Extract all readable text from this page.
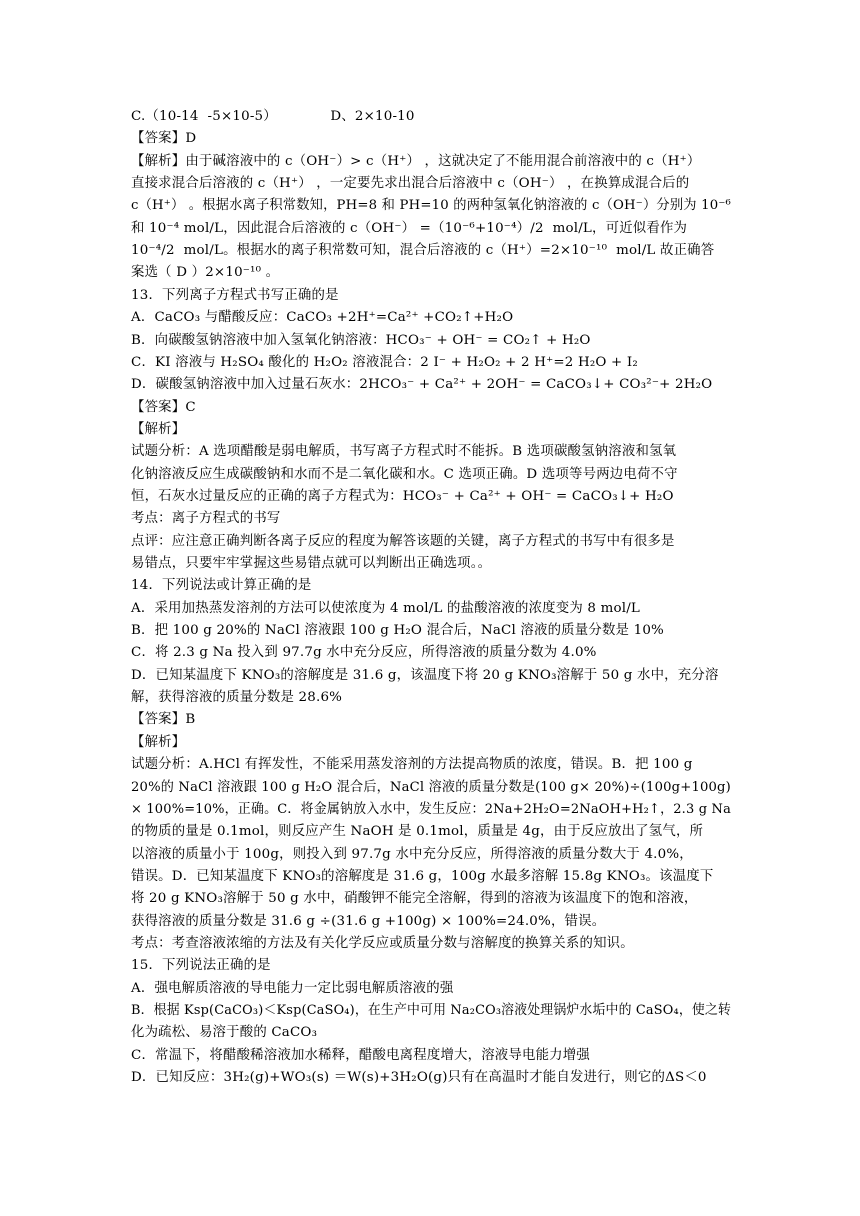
C.（10-14  -5×10-5）            D、2×10-10
【答案】D
【解析】由于碱溶液中的 c（OH⁻）> c（H⁺） ，这就决定了不能用混合前溶液中的 c（H⁺）
直接求混合后溶液的 c（H⁺） ，一定要先求出混合后溶液中 c（OH⁻） ，在换算成混合后的
c（H⁺） 。根据水离子积常数知，PH=8 和 PH=10 的两种氢氧化钠溶液的 c（OH⁻）分别为 10⁻⁶
和 10⁻⁴ mol/L，因此混合后溶液的 c（OH⁻） =（10⁻⁶+10⁻⁴）/2  mol/L，可近似看作为
10⁻⁴/2  mol/L。根据水的离子积常数可知，混合后溶液的 c（H⁺）=2×10⁻¹⁰  mol/L 故正确答
案选（ D ）2×10⁻¹⁰ 。
13．下列离子方程式书写正确的是
A．CaCO₃ 与醋酸反应：CaCO₃ +2H⁺=Ca²⁺ +CO₂↑+H₂O
B．向碳酸氢钠溶液中加入氢氧化钠溶液：HCO₃⁻ + OH⁻ = CO₂↑ + H₂O
C．KI 溶液与 H₂SO₄ 酸化的 H₂O₂ 溶液混合：2 I⁻ + H₂O₂ + 2 H⁺=2 H₂O + I₂
D．碳酸氢钠溶液中加入过量石灰水：2HCO₃⁻ + Ca²⁺ + 2OH⁻ = CaCO₃↓+ CO₃²⁻+ 2H₂O
【答案】C
【解析】
试题分析：A 选项醋酸是弱电解质，书写离子方程式时不能拆。B 选项碳酸氢钠溶液和氢氧
化钠溶液反应生成碳酸钠和水而不是二氧化碳和水。C 选项正确。D 选项等号两边电荷不守
恒，石灰水过量反应的正确的离子方程式为：HCO₃⁻ + Ca²⁺ + OH⁻ = CaCO₃↓+ H₂O
考点：离子方程式的书写
点评：应注意正确判断各离子反应的程度为解答该题的关键，离子方程式的书写中有很多是
易错点，只要牢牢掌握这些易错点就可以判断出正确选项。。
14．下列说法或计算正确的是
A．采用加热蒸发溶剂的方法可以使浓度为 4 mol/L 的盐酸溶液的浓度变为 8 mol/L
B．把 100 g 20%的 NaCl 溶液跟 100 g H₂O 混合后，NaCl 溶液的质量分数是 10%
C．将 2.3 g Na 投入到 97.7g 水中充分反应，所得溶液的质量分数为 4.0%
D．已知某温度下 KNO₃的溶解度是 31.6 g，该温度下将 20 g KNO₃溶解于 50 g 水中，充分溶
解，获得溶液的质量分数是 28.6%
【答案】B
【解析】
试题分析：A.HCl 有挥发性，不能采用蒸发溶剂的方法提高物质的浓度，错误。B．把 100 g
20%的 NaCl 溶液跟 100 g H₂O 混合后，NaCl 溶液的质量分数是(100 g× 20%)÷(100g+100g)
× 100%=10%，正确。C．将金属钠放入水中，发生反应：2Na+2H₂O=2NaOH+H₂↑，2.3 g Na
的物质的量是 0.1mol，则反应产生 NaOH 是 0.1mol，质量是 4g，由于反应放出了氢气，所
以溶液的质量小于 100g，则投入到 97.7g 水中充分反应，所得溶液的质量分数大于 4.0%，
错误。D．已知某温度下 KNO₃的溶解度是 31.6 g，100g 水最多溶解 15.8g KNO₃。该温度下
将 20 g KNO₃溶解于 50 g 水中，硝酸钾不能完全溶解，得到的溶液为该温度下的饱和溶液，
获得溶液的质量分数是 31.6 g ÷(31.6 g +100g) × 100%=24.0%，错误。
考点：考查溶液浓缩的方法及有关化学反应或质量分数与溶解度的换算关系的知识。
15．下列说法正确的是
A．强电解质溶液的导电能力一定比弱电解质溶液的强
B．根据 Ksp(CaCO₃)＜Ksp(CaSO₄)，在生产中可用 Na₂CO₃溶液处理锅炉水垢中的 CaSO₄，使之转
化为疏松、易溶于酸的 CaCO₃
C．常温下，将醋酸稀溶液加水稀释，醋酸电离程度增大，溶液导电能力增强
D．已知反应：3H₂(g)+WO₃(s) ＝W(s)+3H₂O(g)只有在高温时才能自发进行，则它的ΔS＜0
